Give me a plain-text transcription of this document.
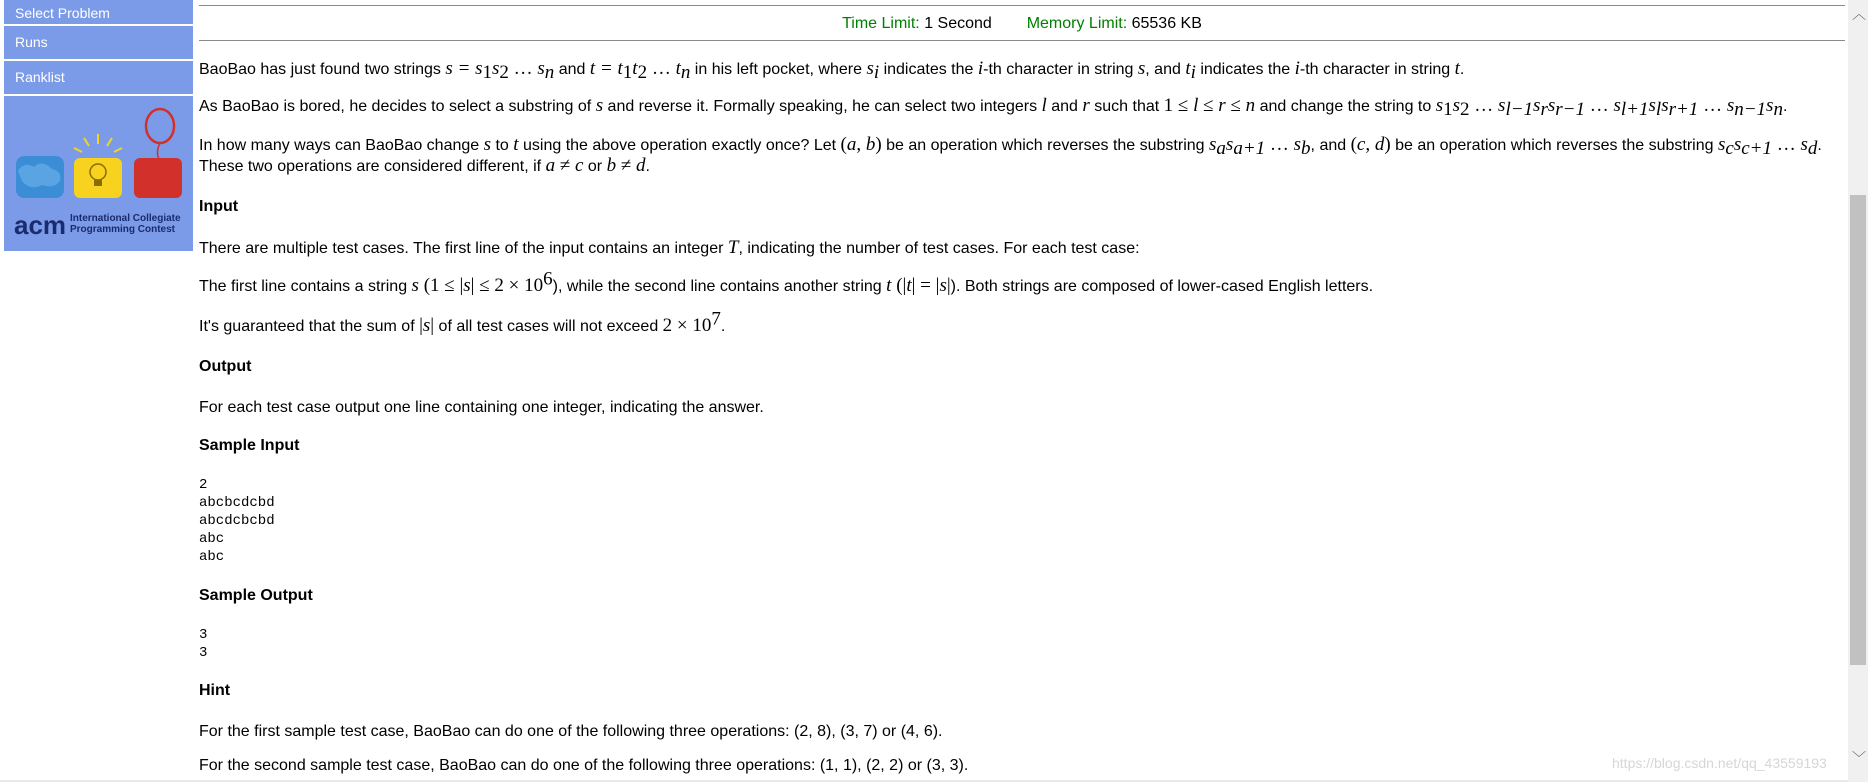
Select Problem
Runs
Ranklist
acm International Collegiate
Programming Contest
Time Limit: 1 Second Memory Limit: 65536 KB
BaoBao has just found two strings $s = s_1s_2$ … $s_n$ and $t = t_1t_2$ … $t_n$ in his left pocket, where $s_i$ indicates the i-th character in string s, and $t_i$ indicates the i-th character in string t.
As BaoBao is bored, he decides to select a substring of s and reverse it. Formally speaking, he can select two integers l and r such that 1 ≤ l ≤ r ≤ n and change the string to $s_1s_2$ … $s_{l-1}s_rs_{r-1}$ … $s_{l+1}s_ls_{r+1}$ … $s_{n-1}s_n$.
In how many ways can BaoBao change s to t using the above operation exactly once? Let (a, b) be an operation which reverses the substring $s_as_{a+1}$ … $s_b$, and (c, d) be an operation which reverses the substring $s_cs_{c+1}$ … $s_d$.
These two operations are considered different, if a ≠ c or b ≠ d.
Input
There are multiple test cases. The first line of the input contains an integer T, indicating the number of test cases. For each test case:
The first line contains a string s $(1 \le |s| \le 2 \times 10^6)$, while the second line contains another string t (|t| = |s|). Both strings are composed of lower-cased English letters.
It's guaranteed that the sum of |s| of all test cases will not exceed $2 \times 10^7$.
Output
For each test case output one line containing one integer, indicating the answer.
Sample Input
2
abcbcdcbd
abcdcbcbd
abc
abc
Sample Output
3
3
Hint
For the first sample test case, BaoBao can do one of the following three operations: (2, 8), (3, 7) or (4, 6).
For the second sample test case, BaoBao can do one of the following three operations: (1, 1), (2, 2) or (3, 3).	https://blog.csdn.net/qq_43559193
︿
﹀
